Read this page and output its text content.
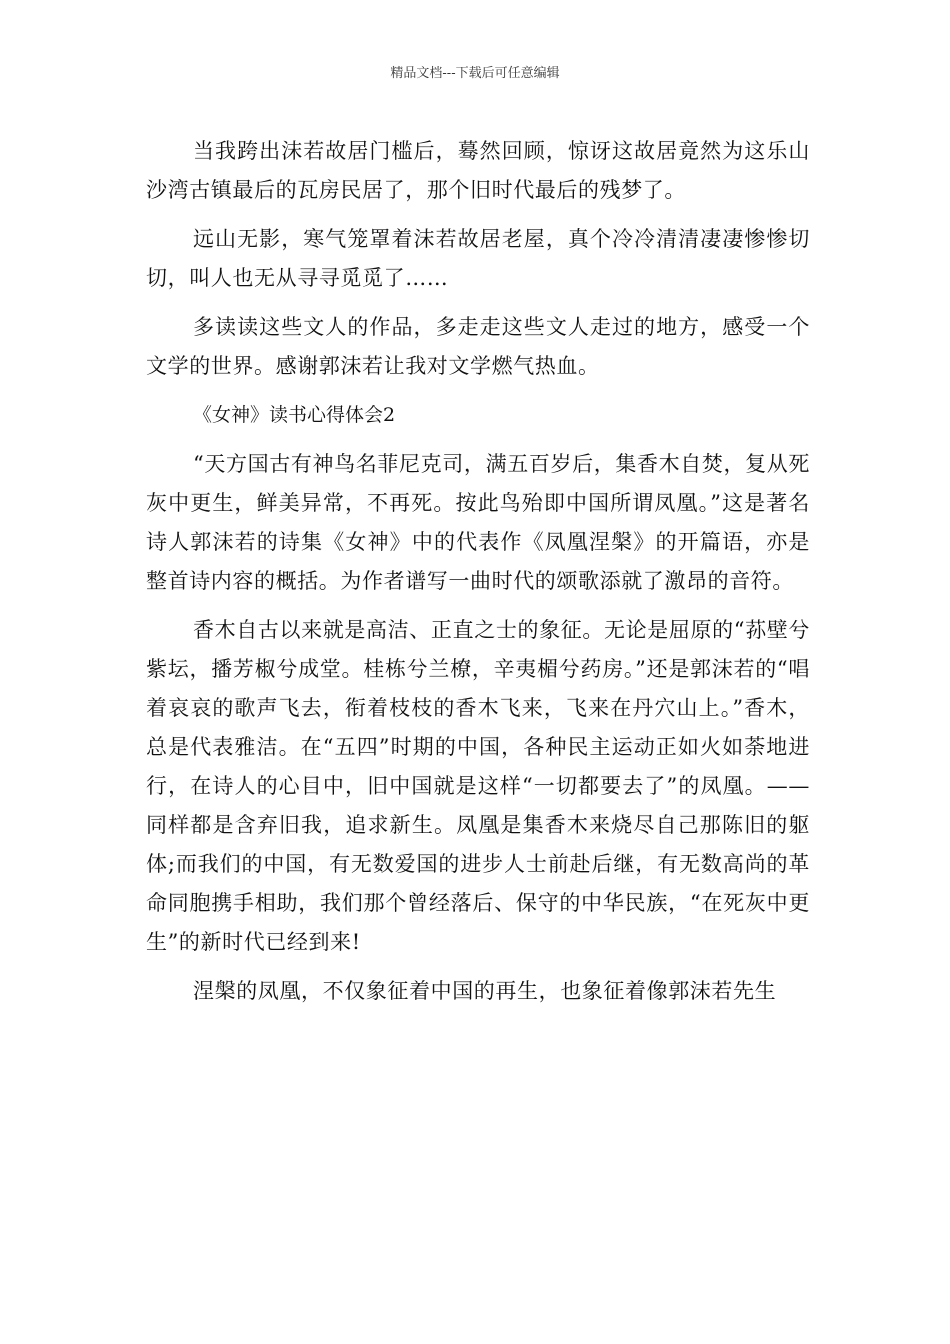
精品文档---下载后可任意编辑

当我跨出沫若故居门槛后，蓦然回顾，惊讶这故居竟然为这乐山沙湾古镇最后的瓦房民居了，那个旧时代最后的残梦了。

远山无影，寒气笼罩着沫若故居老屋，真个冷冷清清凄凄惨惨切切，叫人也无从寻寻觅觅了……

多读读这些文人的作品，多走走这些文人走过的地方，感受一个文学的世界。感谢郭沫若让我对文学燃气热血。

《女神》读书心得体会2

“天方国古有神鸟名菲尼克司，满五百岁后，集香木自焚，复从死灰中更生，鲜美异常，不再死。按此鸟殆即中国所谓凤凰。”这是著名诗人郭沫若的诗集《女神》中的代表作《凤凰涅槃》的开篇语，亦是整首诗内容的概括。为作者谱写一曲时代的颂歌添就了激昂的音符。

香木自古以来就是高洁、正直之士的象征。无论是屈原的“荪壁兮紫坛，播芳椒兮成堂。桂栋兮兰橑，辛夷楣兮药房。”还是郭沫若的“唱着哀哀的歌声飞去，衔着枝枝的香木飞来，飞来在丹穴山上。”香木，总是代表雅洁。在“五四”时期的中国，各种民主运动正如火如荼地进行，在诗人的心目中，旧中国就是这样“一切都要去了”的凤凰。——同样都是含弃旧我，追求新生。凤凰是集香木来烧尽自己那陈旧的躯体;而我们的中国，有无数爱国的进步人士前赴后继，有无数高尚的革命同胞携手相助，我们那个曾经落后、保守的中华民族，“在死灰中更生”的新时代已经到来!

涅槃的凤凰，不仅象征着中国的再生，也象征着像郭沫若先生
